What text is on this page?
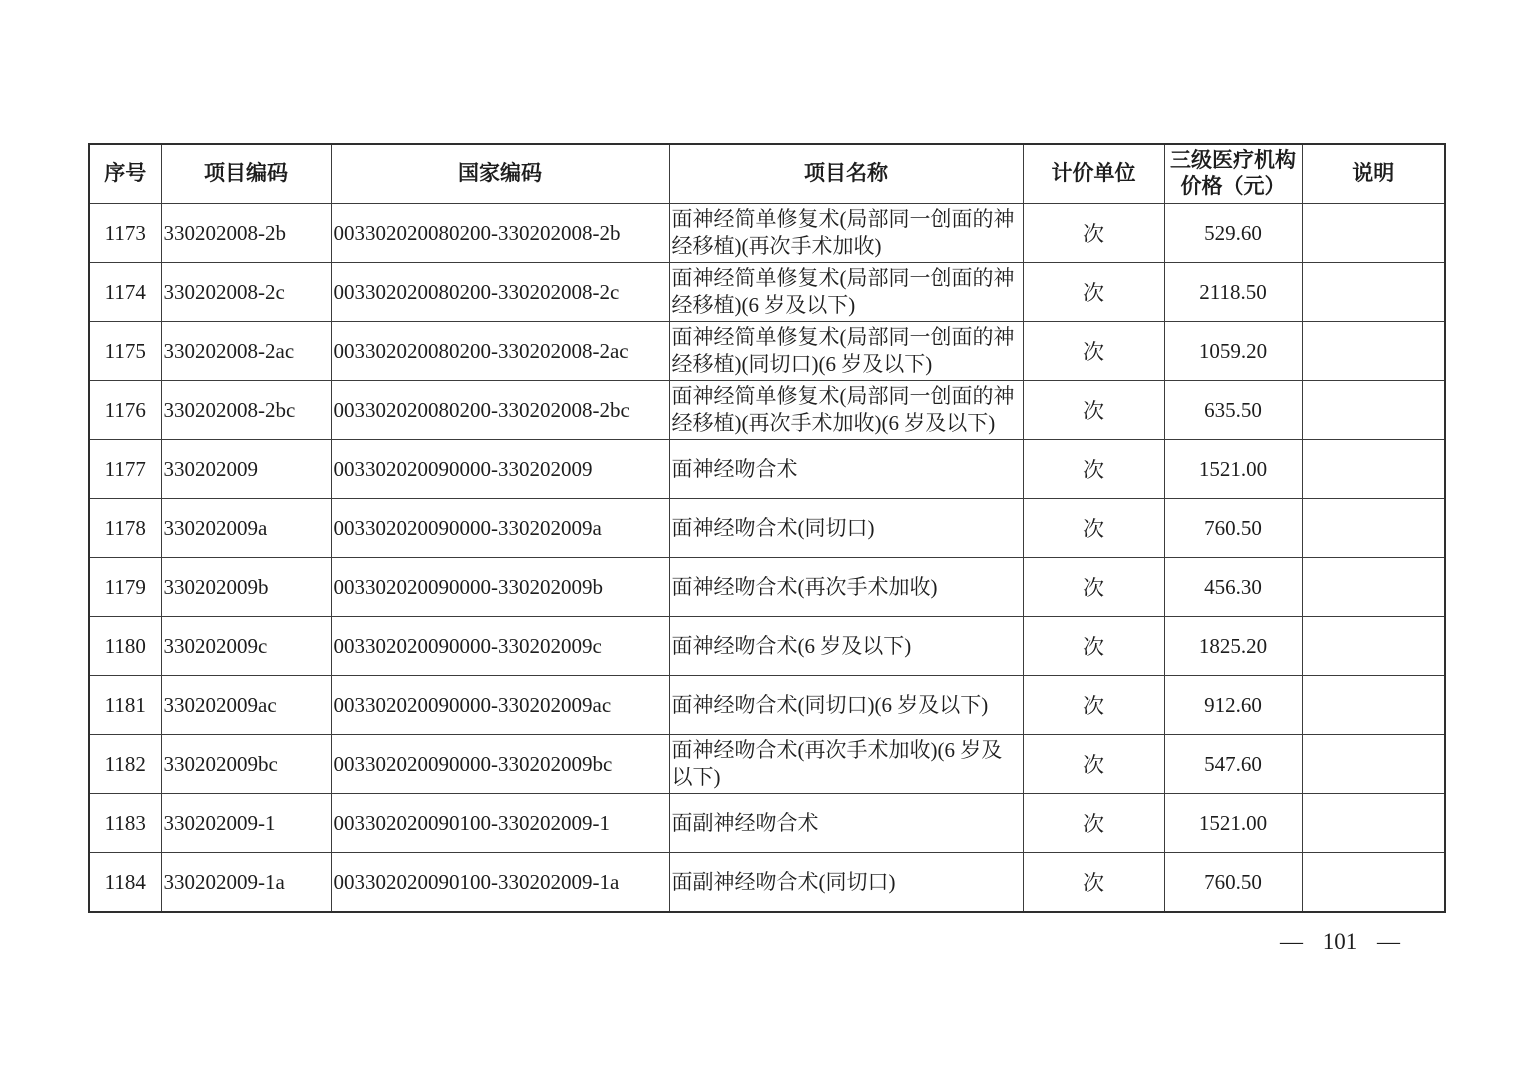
序号	项目编码	国家编码	项目名称	计价单位	三级医疗机构价格（元）	说明
1173	330202008-2b	003302020080200-330202008-2b	面神经简单修复术(局部同一创面的神经移植)(再次手术加收)	次	529.60	
1174	330202008-2c	003302020080200-330202008-2c	面神经简单修复术(局部同一创面的神经移植)(6 岁及以下)	次	2118.50	
1175	330202008-2ac	003302020080200-330202008-2ac	面神经简单修复术(局部同一创面的神经移植)(同切口)(6 岁及以下)	次	1059.20	
1176	330202008-2bc	003302020080200-330202008-2bc	面神经简单修复术(局部同一创面的神经移植)(再次手术加收)(6 岁及以下)	次	635.50	
1177	330202009	003302020090000-330202009	面神经吻合术	次	1521.00	
1178	330202009a	003302020090000-330202009a	面神经吻合术(同切口)	次	760.50	
1179	330202009b	003302020090000-330202009b	面神经吻合术(再次手术加收)	次	456.30	
1180	330202009c	003302020090000-330202009c	面神经吻合术(6 岁及以下)	次	1825.20	
1181	330202009ac	003302020090000-330202009ac	面神经吻合术(同切口)(6 岁及以下)	次	912.60	
1182	330202009bc	003302020090000-330202009bc	面神经吻合术(再次手术加收)(6 岁及以下)	次	547.60	
1183	330202009-1	003302020090100-330202009-1	面副神经吻合术	次	1521.00	
1184	330202009-1a	003302020090100-330202009-1a	面副神经吻合术(同切口)	次	760.50	
— 101 —
